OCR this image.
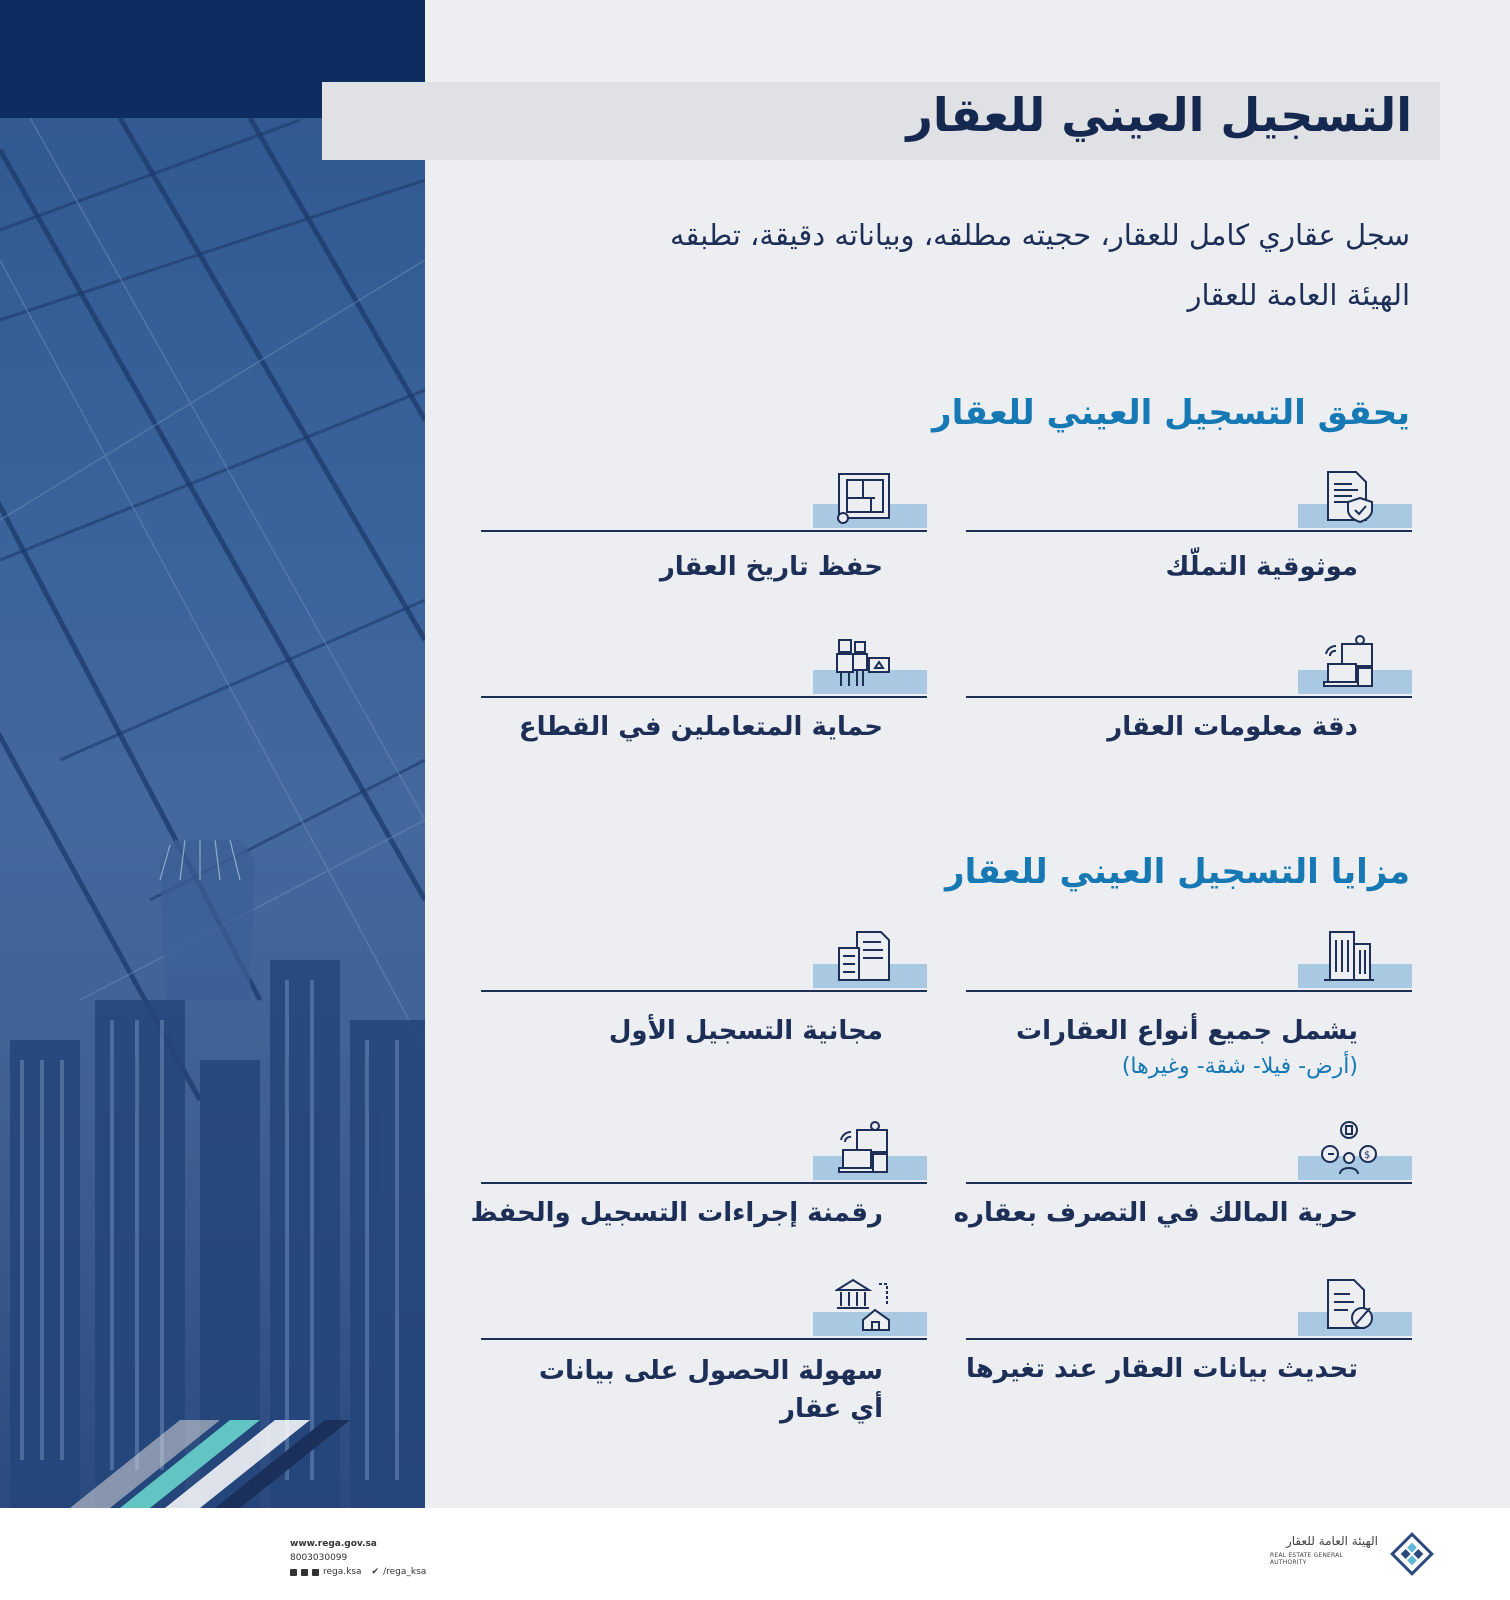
التسجيل العيني للعقار
سجل عقاري كامل للعقار، حجيته مطلقه، وبياناته دقيقة، تطبقه
الهيئة العامة للعقار
يحقق التسجيل العيني للعقار
موثوقية التملّك
حفظ تاريخ العقار
دقة معلومات العقار
حماية المتعاملين في القطاع
مزايا التسجيل العيني للعقار
يشمل جميع أنواع العقارات
(أرض- فيلا- شقة- وغيرها)
مجانية التسجيل الأول
$
حرية المالك في التصرف بعقاره
رقمنة إجراءات التسجيل والحفظ
تحديث بيانات العقار عند تغيرها
سهولة الحصول على بيانات
أي عقار
www.rega.gov.sa
8003030099
rega.ksa ✔ /rega_ksa
الهيئة العامة للعقار
REAL ESTATE GENERAL AUTHORITY
